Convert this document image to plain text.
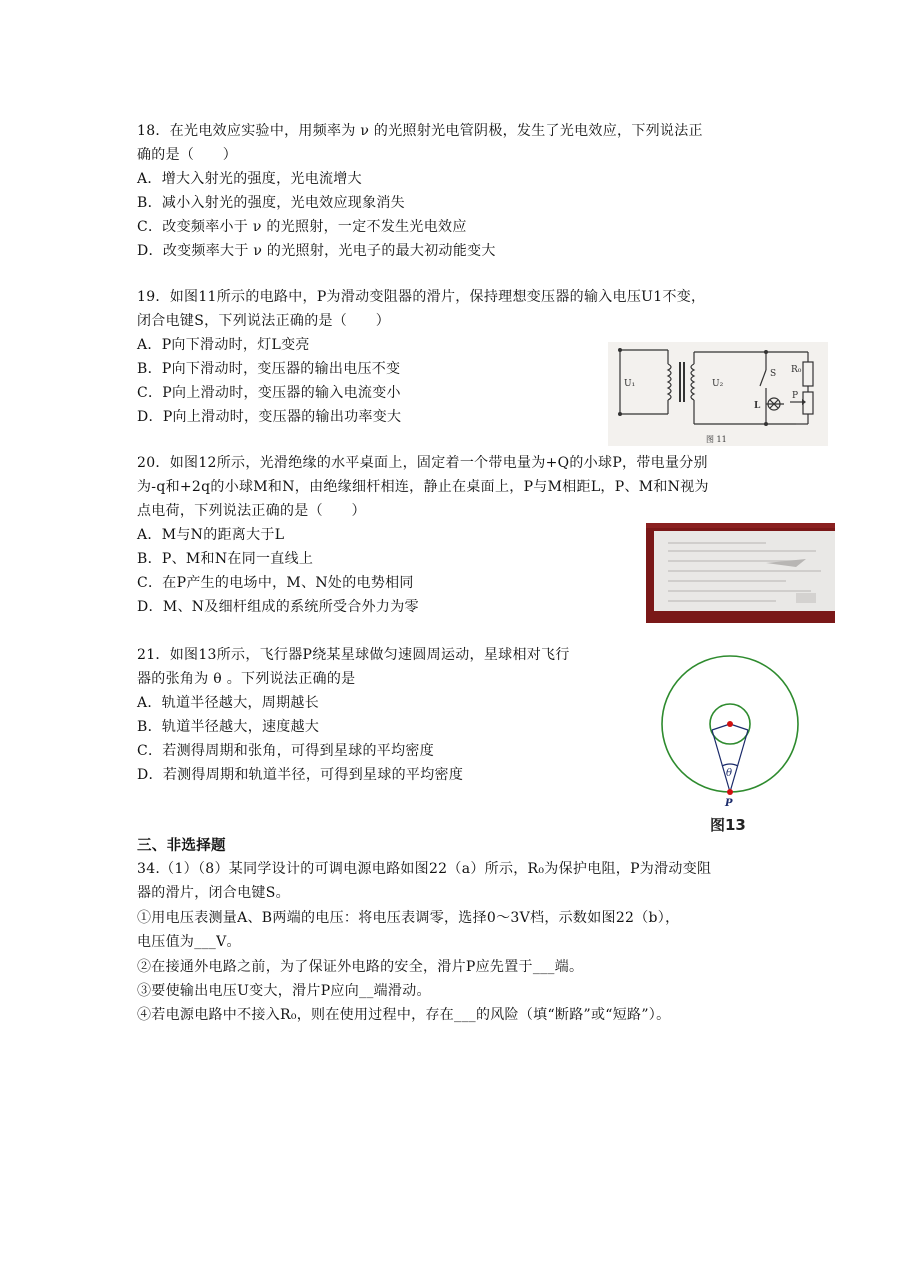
18．在光电效应实验中，用频率为 ν 的光照射光电管阴极，发生了光电效应，下列说法正
确的是（　　）
A．增大入射光的强度，光电流增大
B．减小入射光的强度，光电效应现象消失
C．改变频率小于 ν 的光照射，一定不发生光电效应
D．改变频率大于 ν 的光照射，光电子的最大初动能变大
19．如图11所示的电路中，P为滑动变阻器的滑片，保持理想变压器的输入电压U1不变，
闭合电键S，下列说法正确的是（　　）
A．P向下滑动时，灯L变亮
B．P向下滑动时，变压器的输出电压不变
C．P向上滑动时，变压器的输入电流变小
D．P向上滑动时，变压器的输出功率变大
U₁	U₂
S R₀
L
P
图 11
20．如图12所示，光滑绝缘的水平桌面上，固定着一个带电量为+Q的小球P，带电量分别
为-q和+2q的小球M和N，由绝缘细杆相连，静止在桌面上，P与M相距L，P、M和N视为
点电荷，下列说法正确的是（　　）
A．M与N的距离大于L
B．P、M和N在同一直线上
C．在P产生的电场中，M、N处的电势相同
D．M、N及细杆组成的系统所受合外力为零
21．如图13所示，飞行器P绕某星球做匀速圆周运动，星球相对飞行
器的张角为 θ 。下列说法正确的是
A．轨道半径越大，周期越长
B．轨道半径越大，速度越大
C．若测得周期和张角，可得到星球的平均密度
D．若测得周期和轨道半径，可得到星球的平均密度	θ
P
图13
三、非选择题
34.（1）（8）某同学设计的可调电源电路如图22（a）所示，R₀为保护电阻，P为滑动变阻
器的滑片，闭合电键S。
①用电压表测量A、B两端的电压：将电压表调零，选择0～3V档，示数如图22（b），
电压值为___V。
②在接通外电路之前，为了保证外电路的安全，滑片P应先置于___端。
③要使输出电压U变大，滑片P应向__端滑动。
④若电源电路中不接入R₀，则在使用过程中，存在___的风险（填“断路”或“短路”）。
